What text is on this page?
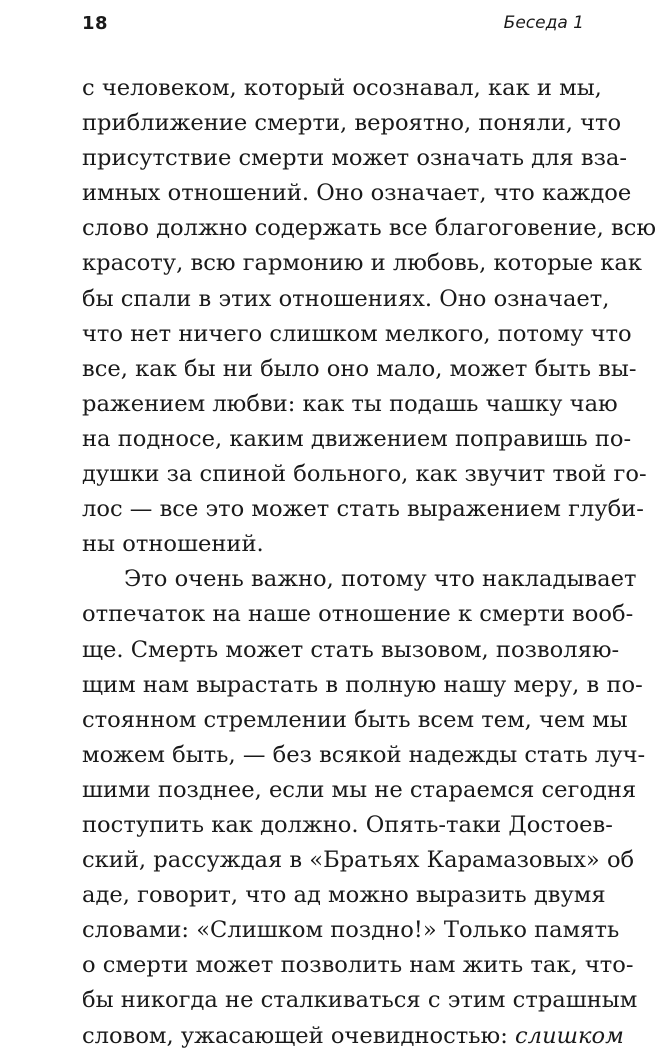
18	Беседа 1
с человеком, который осознавал, как и мы,
приближение смерти, вероятно, поняли, что
присутствие смерти может означать для вза-
имных отношений. Оно означает, что каждое
слово должно содержать все благоговение, всю
красоту, всю гармонию и любовь, которые как
бы спали в этих отношениях. Оно означает,
что нет ничего слишком мелкого, потому что
все, как бы ни было оно мало, может быть вы-
ражением любви: как ты подашь чашку чаю
на подносе, каким движением поправишь по-
душки за спиной больного, как звучит твой го-
лос — все это может стать выражением глуби-
ны отношений.
Это очень важно, потому что накладывает
отпечаток на наше отношение к смерти вооб-
ще. Смерть может стать вызовом, позволяю-
щим нам вырастать в полную нашу меру, в по-
стоянном стремлении быть всем тем, чем мы
можем быть, — без всякой надежды стать луч-
шими позднее, если мы не стараемся сегодня
поступить как должно. Опять-таки Достоев-
ский, рассуждая в «Братьях Карамазовых» об
аде, говорит, что ад можно выразить двумя
словами: «Слишком поздно!» Только память
о смерти может позволить нам жить так, что-
бы никогда не сталкиваться с этим страшным
словом, ужасающей очевидностью: слишком
